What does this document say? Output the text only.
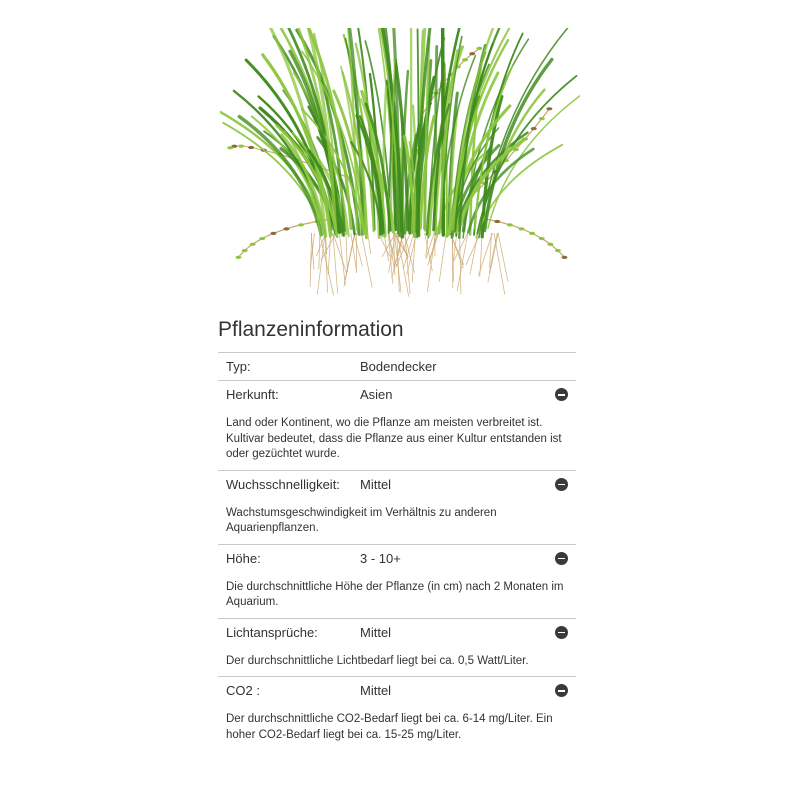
Pflanzeninformation
Typ:	Bodendecker
Herkunft:	Asien
Land oder Kontinent, wo die Pflanze am meisten verbreitet ist. Kultivar bedeutet, dass die Pflanze aus einer Kultur entstanden ist oder gezüchtet wurde.
Wuchsschnelligkeit: Mittel
Wachstumsgeschwindigkeit im Verhältnis zu anderen Aquarienpflanzen.
Höhe:	3 - 10+
Die durchschnittliche Höhe der Pflanze (in cm) nach 2 Monaten im Aquarium.
Lichtansprüche:	Mittel
Der durchschnittliche Lichtbedarf liegt bei ca. 0,5 Watt/Liter.
CO2 :	Mittel
Der durchschnittliche CO2-Bedarf liegt bei ca. 6-14 mg/Liter. Ein hoher CO2-Bedarf liegt bei ca. 15-25 mg/Liter.
